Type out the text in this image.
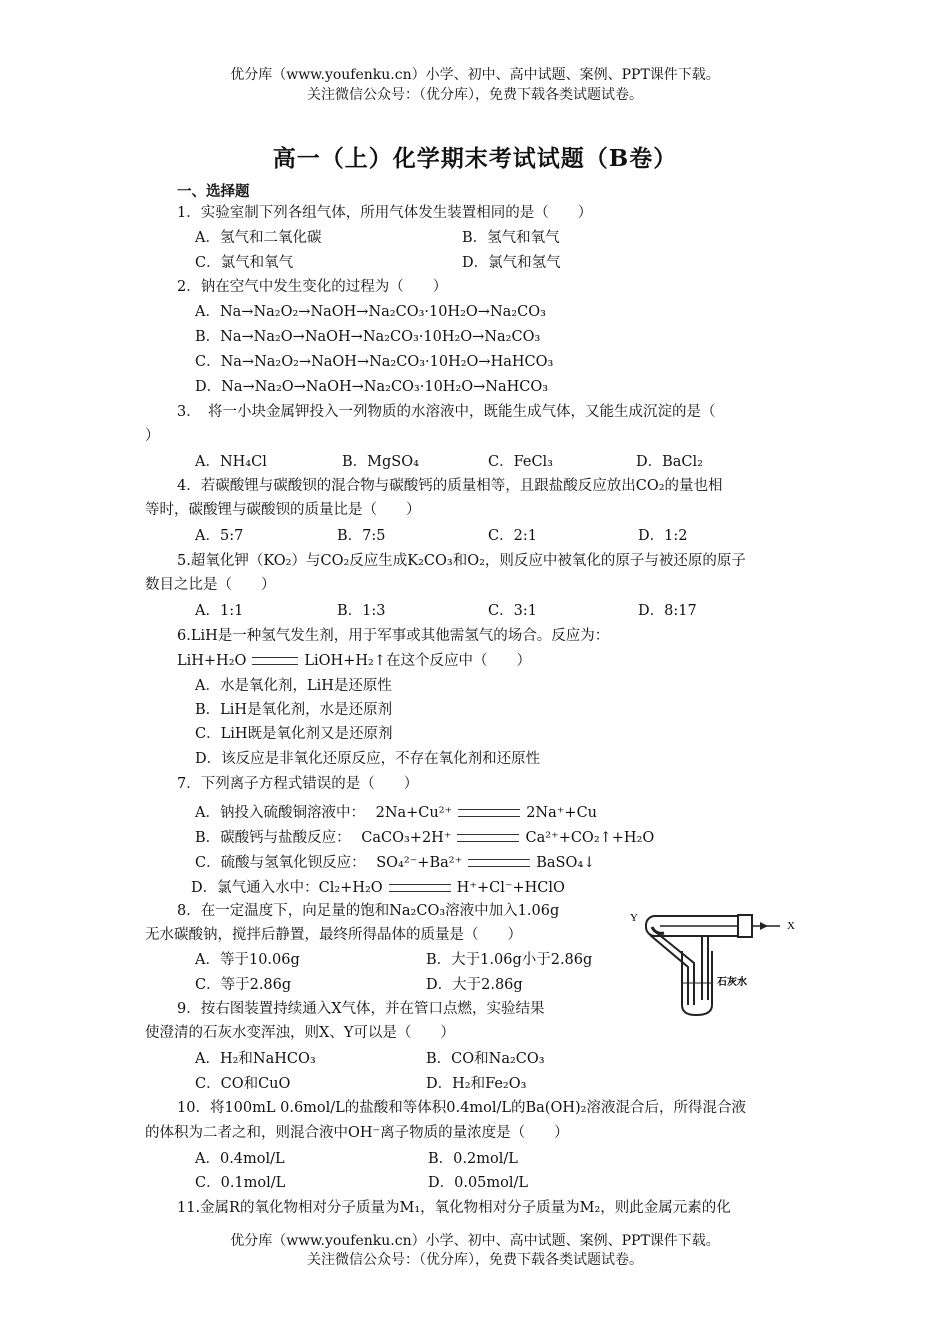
优分库（www.youfenku.cn）小学、初中、高中试题、案例、PPT课件下载。
关注微信公众号：（优分库），免费下载各类试题试卷。
高一（上）化学期末考试试题（B卷）
一、选择题
1．实验室制下列各组气体，所用气体发生装置相同的是（　　）
A．氢气和二氧化碳	B．氢气和氧气
C．氯气和氧气	D．氯气和氢气
2．钠在空气中发生变化的过程为（　　）
A．Na→Na₂O₂→NaOH→Na₂CO₃·10H₂O→Na₂CO₃
B．Na→Na₂O→NaOH→Na₂CO₃·10H₂O→Na₂CO₃
C．Na→Na₂O₂→NaOH→Na₂CO₃·10H₂O→HaHCO₃
D．Na→Na₂O→NaOH→Na₂CO₃·10H₂O→NaHCO₃
3．　将一小块金属钾投入一列物质的水溶液中，既能生成气体，又能生成沉淀的是（
）
A．NH₄Cl	B．MgSO₄	C．FeCl₃	D．BaCl₂
4．若碳酸锂与碳酸钡的混合物与碳酸钙的质量相等，且跟盐酸反应放出CO₂的量也相
等时，碳酸锂与碳酸钡的质量比是（　　）
A．5:7	B．7:5	C．2:1	D．1:2
5.超氧化钾（KO₂）与CO₂反应生成K₂CO₃和O₂，则反应中被氧化的原子与被还原的原子
数目之比是（　　）
A．1:1	B．1:3	C．3:1	D．8:17
6.LiH是一种氢气发生剂，用于军事或其他需氢气的场合。反应为：
LiH+H₂O	LiOH+H₂↑在这个反应中（　　）
A．水是氧化剂，LiH是还原性
B．LiH是氧化剂，水是还原剂
C．LiH既是氧化剂又是还原剂
D．该反应是非氧化还原反应，不存在氧化剂和还原性
7．下列离子方程式错误的是（　　）
A．钠投入硫酸铜溶液中： 2Na+Cu²⁺	2Na⁺+Cu
B．碳酸钙与盐酸反应： CaCO₃+2H⁺	Ca²⁺+CO₂↑+H₂O
C．硫酸与氢氧化钡反应： SO₄²⁻+Ba²⁺	BaSO₄↓
D．氯气通入水中：Cl₂+H₂O	H⁺+Cl⁻+HClO
8．在一定温度下，向足量的饱和Na₂CO₃溶液中加入1.06g
无水碳酸钠，搅拌后静置，最终所得晶体的质量是（　　）
A．等于10.06g	B．大于1.06g小于2.86g
C．等于2.86g	D．大于2.86g
Y
X
石灰水
9．按右图装置持续通入X气体，并在管口点燃，实验结果
使澄清的石灰水变浑浊，则X、Y可以是（　　）
A．H₂和NaHCO₃	B．CO和Na₂CO₃
C．CO和CuO	D．H₂和Fe₂O₃
10．将100mL 0.6mol/L的盐酸和等体积0.4mol/L的Ba(OH)₂溶液混合后，所得混合液
的体积为二者之和，则混合液中OH⁻离子物质的量浓度是（　　）
A．0.4mol/L	B．0.2mol/L
C．0.1mol/L	D．0.05mol/L
11.金属R的氧化物相对分子质量为M₁，氧化物相对分子质量为M₂，则此金属元素的化
优分库（www.youfenku.cn）小学、初中、高中试题、案例、PPT课件下载。
关注微信公众号：（优分库），免费下载各类试题试卷。
